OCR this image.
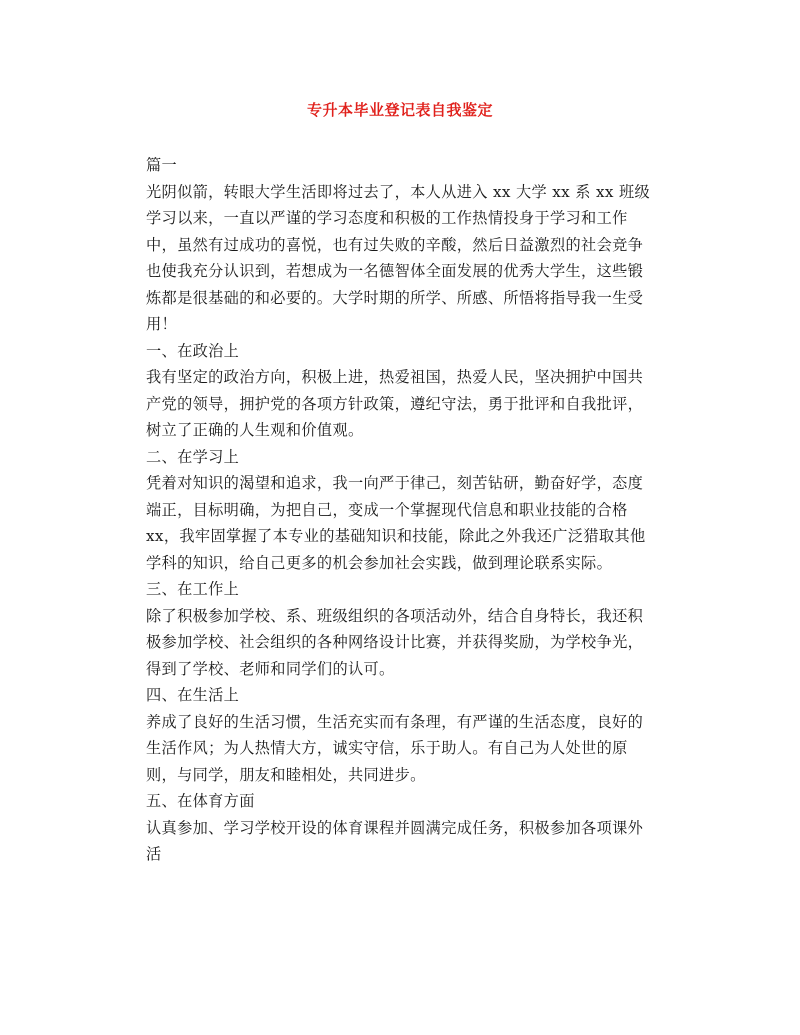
专升本毕业登记表自我鉴定

篇一

光阴似箭，转眼大学生活即将过去了，本人从进入 xx 大学 xx 系 xx 班级学习以来，一直以严谨的学习态度和积极的工作热情投身于学习和工作中，虽然有过成功的喜悦，也有过失败的辛酸，然后日益激烈的社会竞争也使我充分认识到，若想成为一名德智体全面发展的优秀大学生，这些锻炼都是很基础的和必要的。大学时期的所学、所感、所悟将指导我一生受用！

一、在政治上

我有坚定的政治方向，积极上进，热爱祖国，热爱人民，坚决拥护中国共产党的领导，拥护党的各项方针政策，遵纪守法，勇于批评和自我批评，树立了正确的人生观和价值观。

二、在学习上

凭着对知识的渴望和追求，我一向严于律己，刻苦钻研，勤奋好学，态度端正，目标明确，为把自己，变成一个掌握现代信息和职业技能的合格 xx，我牢固掌握了本专业的基础知识和技能，除此之外我还广泛猎取其他学科的知识，给自己更多的机会参加社会实践，做到理论联系实际。

三、在工作上

除了积极参加学校、系、班级组织的各项活动外，结合自身特长，我还积极参加学校、社会组织的各种网络设计比赛，并获得奖励，为学校争光，得到了学校、老师和同学们的认可。

四、在生活上

养成了良好的生活习惯，生活充实而有条理，有严谨的生活态度，良好的生活作风；为人热情大方，诚实守信，乐于助人。有自己为人处世的原则，与同学，朋友和睦相处，共同进步。

五、在体育方面

认真参加、学习学校开设的体育课程并圆满完成任务，积极参加各项课外活
